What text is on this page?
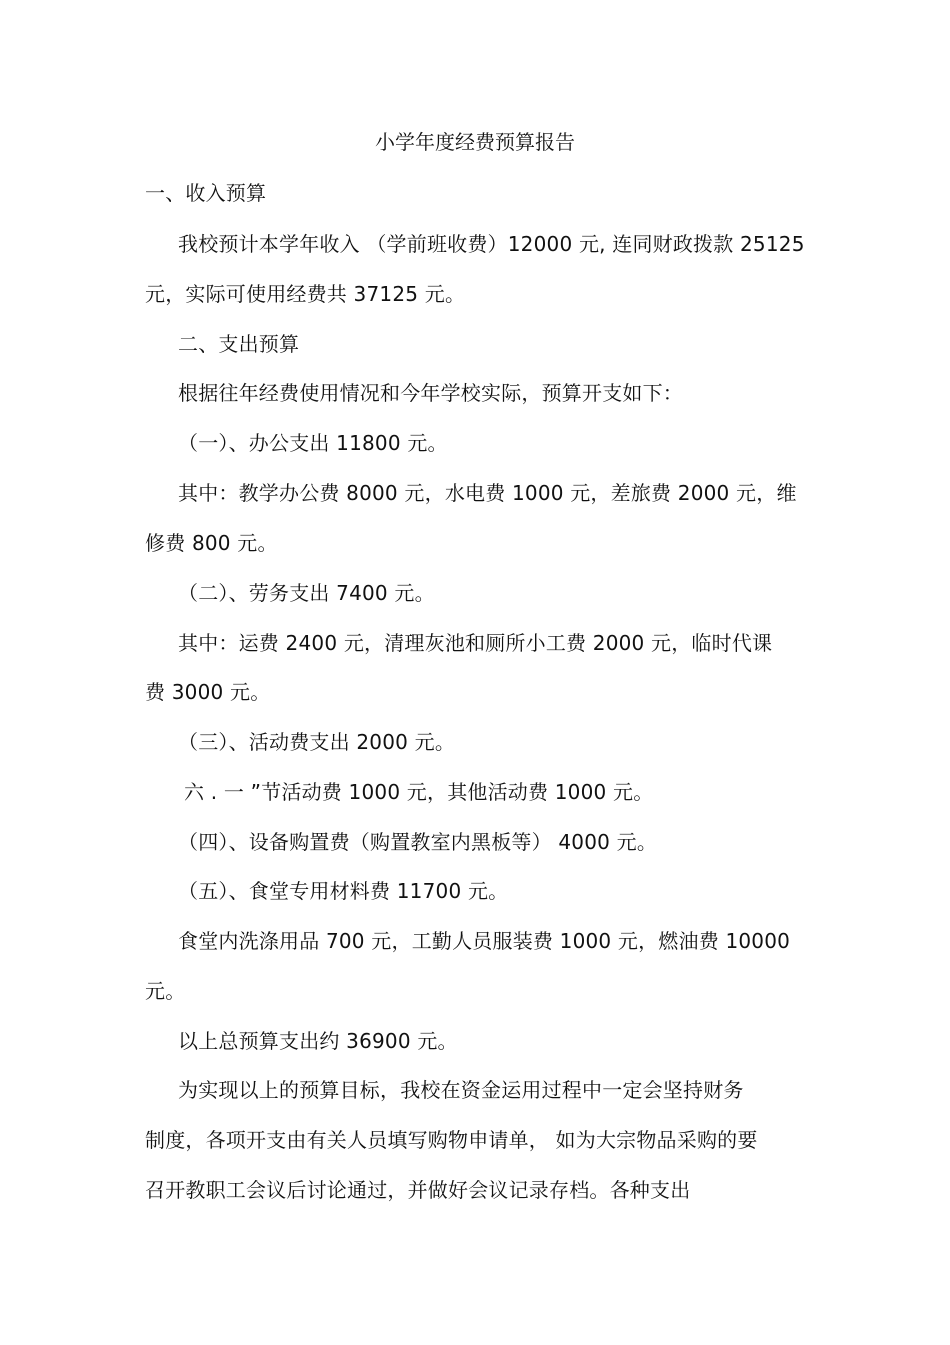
小学年度经费预算报告
一、收入预算
我校预计本学年收入 （学前班收费）12000 元, 连同财政拨款 25125
元，实际可使用经费共 37125 元。
二、支出预算
根据往年经费使用情况和今年学校实际，预算开支如下：
（一）、办公支出 11800 元。
其中：教学办公费 8000 元，水电费 1000 元，差旅费 2000 元，维
修费 800 元。
（二）、劳务支出 7400 元。
其中：运费 2400 元，清理灰池和厕所小工费 2000 元，临时代课
费 3000 元。
（三）、活动费支出 2000 元。
六 . 一 ”节活动费 1000 元，其他活动费 1000 元。
（四）、设备购置费（购置教室内黑板等） 4000 元。
（五）、食堂专用材料费 11700 元。
食堂内洗涤用品 700 元，工勤人员服装费 1000 元，燃油费 10000
元。
以上总预算支出约 36900 元。
为实现以上的预算目标，我校在资金运用过程中一定会坚持财务
制度，各项开支由有关人员填写购物申请单， 如为大宗物品采购的要
召开教职工会议后讨论通过，并做好会议记录存档。各种支出
